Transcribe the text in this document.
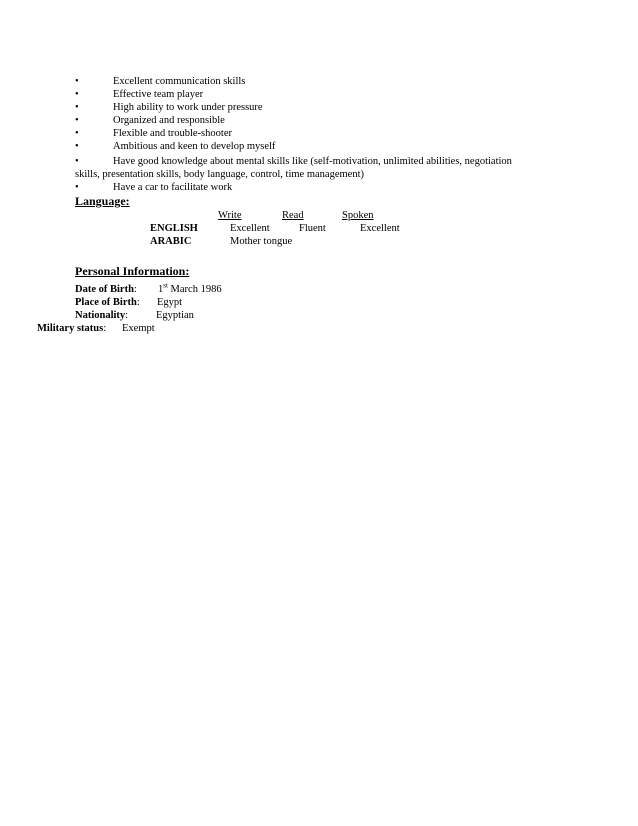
•	Excellent communication skills
•	Effective team player
•	High ability to work under pressure
•	Organized and responsible
•	Flexible and trouble-shooter
•	Ambitious and keen to develop myself
•	Have good knowledge about mental skills like (self-motivation, unlimited abilities, negotiation
skills, presentation skills, body language, control, time management)
•	Have a car to facilitate work
Language:
Write	Read	Spoken
ENGLISH	Excellent	Fluent	Excellent
ARABIC	Mother tongue
Personal Information:
Date of Birth: 1st March 1986
Place of Birth: Egypt
Nationality:	Egyptian
Military status: Exempt
